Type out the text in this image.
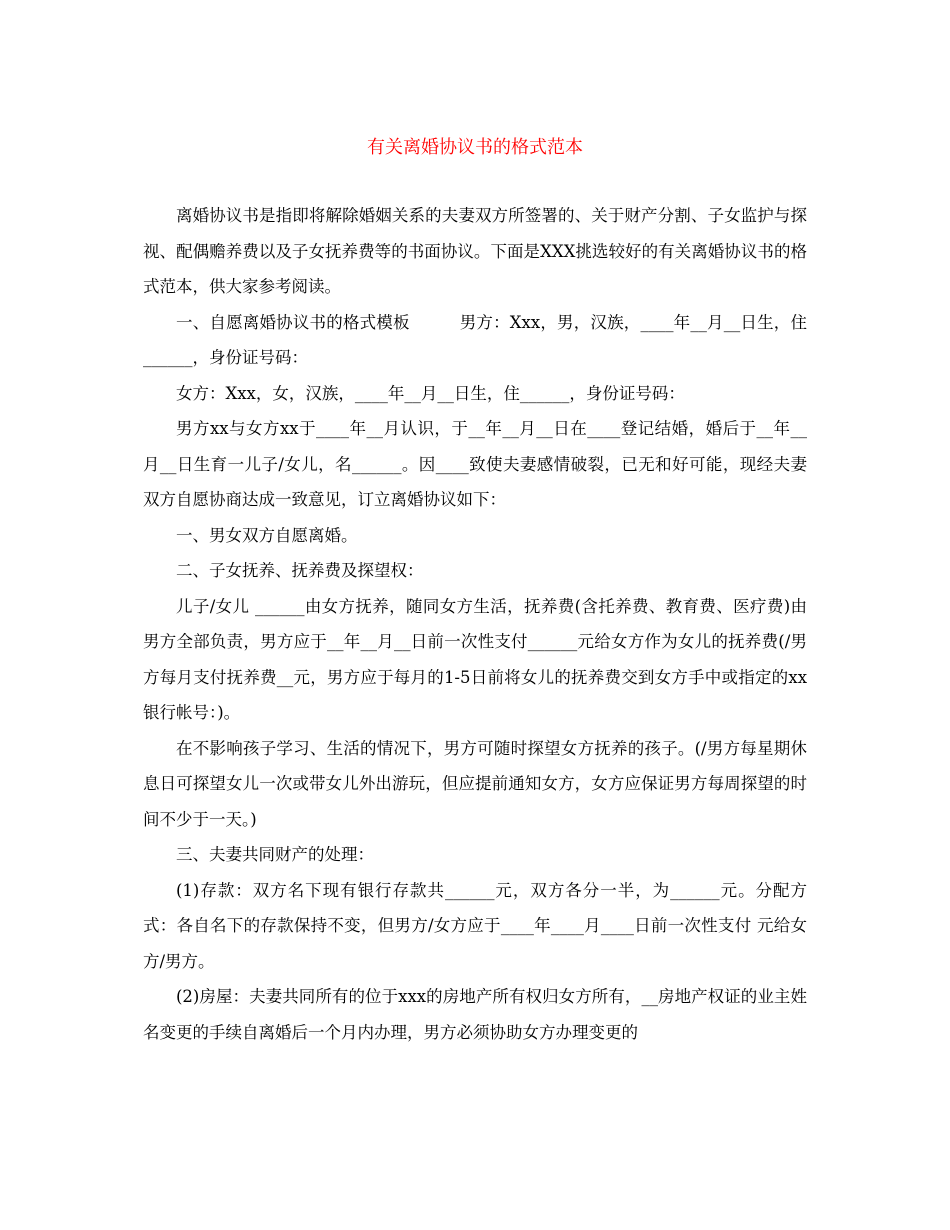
有关离婚协议书的格式范本

离婚协议书是指即将解除婚姻关系的夫妻双方所签署的、关于财产分割、子女监护与探视、配偶赡养费以及子女抚养费等的书面协议。下面是XXX挑选较好的有关离婚协议书的格式范本，供大家参考阅读。

一、自愿离婚协议书的格式模板　　　男方：Xxx，男，汉族，____年__月__日生，住______，身份证号码：

女方：Xxx，女，汉族，____年__月__日生，住______，身份证号码：

男方xx与女方xx于____年__月认识，于__年__月__日在____登记结婚，婚后于__年__月__日生育一儿子/女儿，名______。因____致使夫妻感情破裂，已无和好可能，现经夫妻双方自愿协商达成一致意见，订立离婚协议如下：

一、男女双方自愿离婚。

二、子女抚养、抚养费及探望权：

儿子/女儿 ______由女方抚养，随同女方生活，抚养费(含托养费、教育费、医疗费)由男方全部负责，男方应于__年__月__日前一次性支付______元给女方作为女儿的抚养费(/男方每月支付抚养费__元，男方应于每月的1-5日前将女儿的抚养费交到女方手中或指定的xx银行帐号：)。

在不影响孩子学习、生活的情况下，男方可随时探望女方抚养的孩子。(/男方每星期休息日可探望女儿一次或带女儿外出游玩，但应提前通知女方，女方应保证男方每周探望的时间不少于一天。)

三、夫妻共同财产的处理：

(1)存款：双方名下现有银行存款共______元，双方各分一半，为______元。分配方式：各自名下的存款保持不变，但男方/女方应于____年____月____日前一次性支付 元给女方/男方。

(2)房屋：夫妻共同所有的位于xxx的房地产所有权归女方所有，__房地产权证的业主姓名变更的手续自离婚后一个月内办理，男方必须协助女方办理变更的
